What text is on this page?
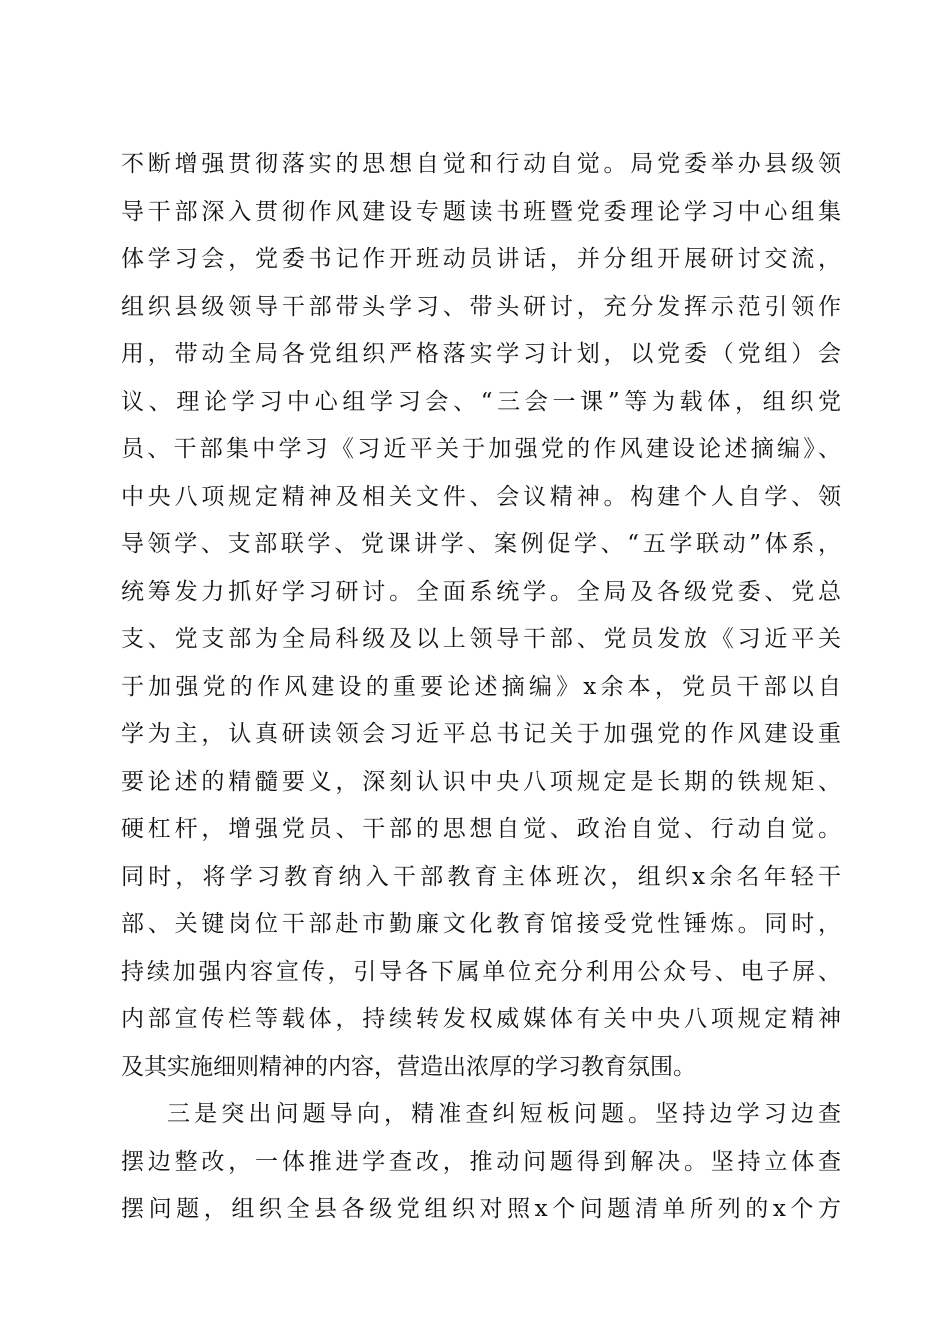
不断增强贯彻落实的思想自觉和行动自觉。局党委举办县级领
导干部深入贯彻作风建设专题读书班暨党委理论学习中心组集
体学习会，党委书记作开班动员讲话，并分组开展研讨交流，
组织县级领导干部带头学习、带头研讨，充分发挥示范引领作
用，带动全局各党组织严格落实学习计划，以党委（党组）会
议、理论学习中心组学习会、“三会一课”等为载体，组织党
员、干部集中学习《习近平关于加强党的作风建设论述摘编》、
中央八项规定精神及相关文件、会议精神。构建个人自学、领
导领学、支部联学、党课讲学、案例促学、“五学联动”体系，
统筹发力抓好学习研讨。全面系统学。全局及各级党委、党总
支、党支部为全局科级及以上领导干部、党员发放《习近平关
于加强党的作风建设的重要论述摘编》x余本，党员干部以自
学为主，认真研读领会习近平总书记关于加强党的作风建设重
要论述的精髓要义，深刻认识中央八项规定是长期的铁规矩、
硬杠杆，增强党员、干部的思想自觉、政治自觉、行动自觉。
同时，将学习教育纳入干部教育主体班次，组织x余名年轻干
部、关键岗位干部赴市勤廉文化教育馆接受党性锤炼。同时，
持续加强内容宣传，引导各下属单位充分利用公众号、电子屏、
内部宣传栏等载体，持续转发权威媒体有关中央八项规定精神
及其实施细则精神的内容，营造出浓厚的学习教育氛围。
三是突出问题导向，精准查纠短板问题。坚持边学习边查
摆边整改，一体推进学查改，推动问题得到解决。坚持立体查
摆问题，组织全县各级党组织对照x个问题清单所列的x个方
